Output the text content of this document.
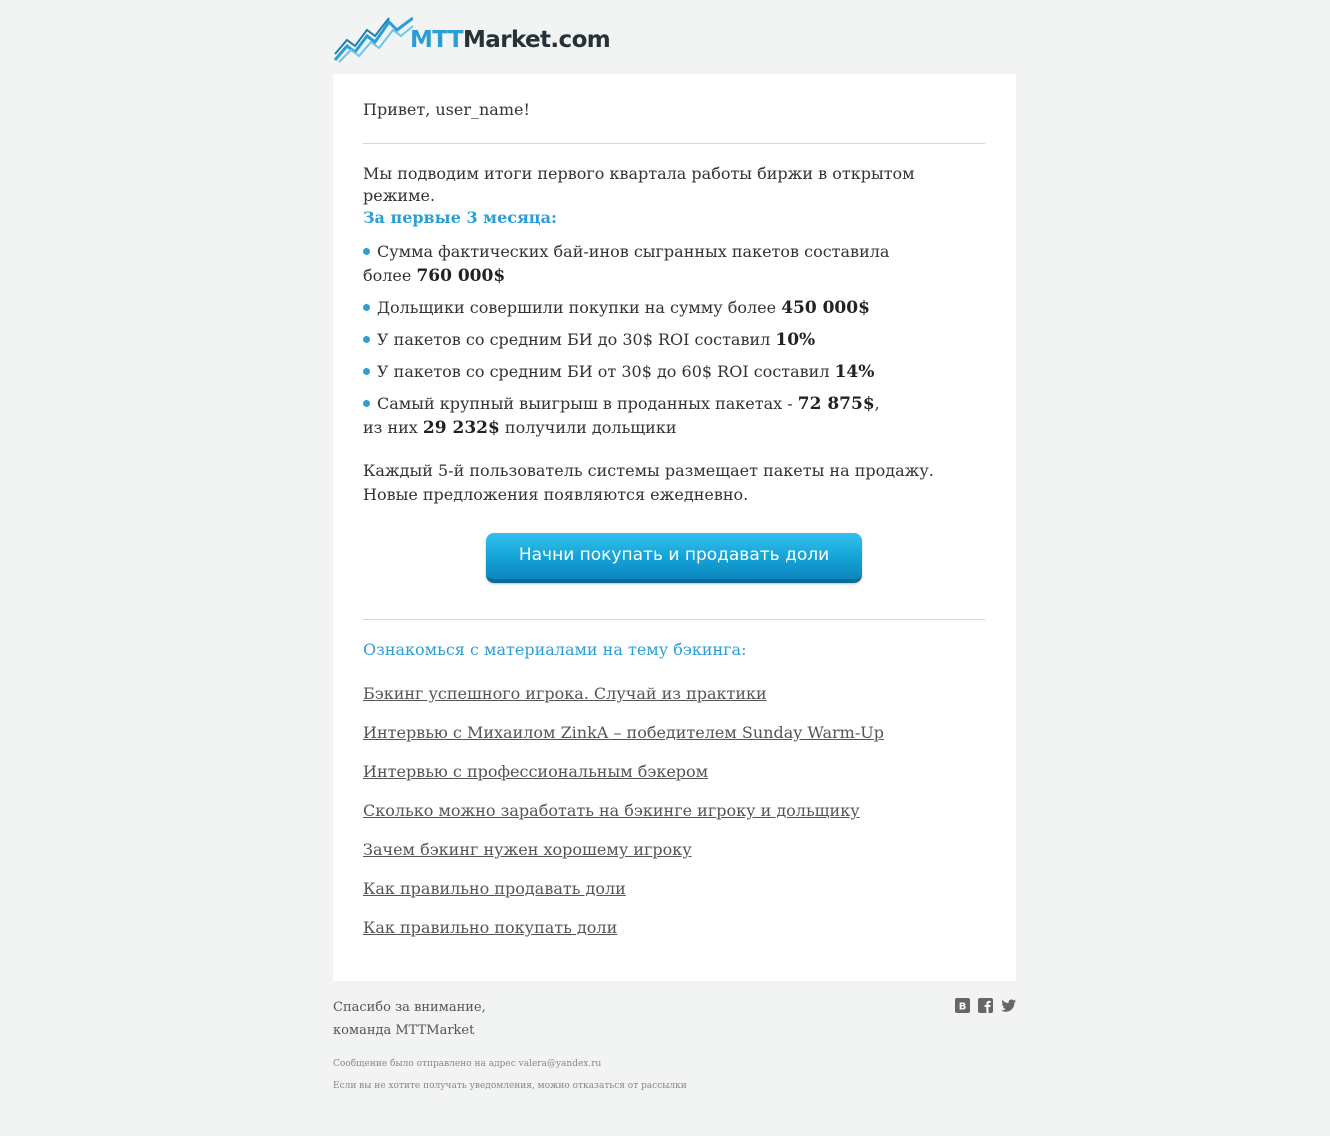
MTTMarket.com
Привет, user_name!
Мы подводим итоги первого квартала работы биржи в открытом режиме.
За первые 3 месяца:
Сумма фактических бай-инов сыгранных пакетов составила
более 760 000$
Дольщики совершили покупки на сумму более 450 000$
У пакетов со средним БИ до 30$ ROI составил 10%
У пакетов со средним БИ от 30$ до 60$ ROI составил 14%
Самый крупный выигрыш в проданных пакетах - 72 875$,
из них 29 232$ получили дольщики
Каждый 5-й пользователь системы размещает пакеты на продажу. Новые предложения появляются ежедневно.
Начни покупать и продавать доли
Ознакомься с материалами на тему бэкинга:
Бэкинг успешного игрока. Случай из практики
Интервью с Михаилом ZinkA – победителем Sunday Warm-Up
Интервью с профессиональным бэкером
Сколько можно заработать на бэкинге игроку и дольщику
Зачем бэкинг нужен хорошему игроку
Как правильно продавать доли
Как правильно покупать доли
Спасибо за внимание,
команда MTTMarket
B
Сообщение было отправлено на адрес valera@yandex.ru
Если вы не хотите получать уведомления, можно отказаться от рассылки
